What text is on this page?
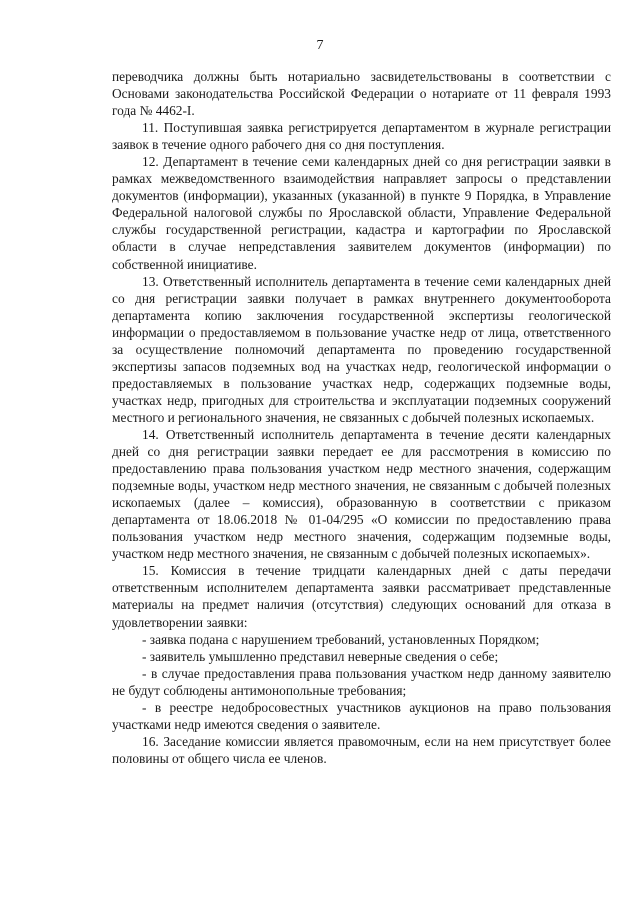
7

переводчика должны быть нотариально засвидетельствованы в соответствии с Основами законодательства Российской Федерации о нотариате от 11 февраля 1993 года № 4462-I.

11. Поступившая заявка регистрируется департаментом в журнале регистрации заявок в течение одного рабочего дня со дня поступления.

12. Департамент в течение семи календарных дней со дня регистрации заявки в рамках межведомственного взаимодействия направляет запросы о представлении документов (информации), указанных (указанной) в пункте 9 Порядка, в Управление Федеральной налоговой службы по Ярославской области, Управление Федеральной службы государственной регистрации, кадастра и картографии по Ярославской области в случае непредставления заявителем документов (информации) по собственной инициативе.

13. Ответственный исполнитель департамента в течение семи календарных дней со дня регистрации заявки получает в рамках внутреннего документооборота департамента копию заключения государственной экспертизы геологической информации о предоставляемом в пользование участке недр от лица, ответственного за осуществление полномочий департамента по проведению государственной экспертизы запасов подземных вод на участках недр, геологической информации о предоставляемых в пользование участках недр, содержащих подземные воды, участках недр, пригодных для строительства и эксплуатации подземных сооружений местного и регионального значения, не связанных с добычей полезных ископаемых.

14. Ответственный исполнитель департамента в течение десяти календарных дней со дня регистрации заявки передает ее для рассмотрения в комиссию по предоставлению права пользования участком недр местного значения, содержащим подземные воды, участком недр местного значения, не связанным с добычей полезных ископаемых (далее – комиссия), образованную в соответствии с приказом департамента от 18.06.2018 № 01-04/295 «О комиссии по предоставлению права пользования участком недр местного значения, содержащим подземные воды, участком недр местного значения, не связанным с добычей полезных ископаемых».

15. Комиссия в течение тридцати календарных дней с даты передачи ответственным исполнителем департамента заявки рассматривает представленные материалы на предмет наличия (отсутствия) следующих оснований для отказа в удовлетворении заявки:

- заявка подана с нарушением требований, установленных Порядком;

- заявитель умышленно представил неверные сведения о себе;

- в случае предоставления права пользования участком недр данному заявителю не будут соблюдены антимонопольные требования;

- в реестре недобросовестных участников аукционов на право пользования участками недр имеются сведения о заявителе.

16. Заседание комиссии является правомочным, если на нем присутствует более половины от общего числа ее членов.
